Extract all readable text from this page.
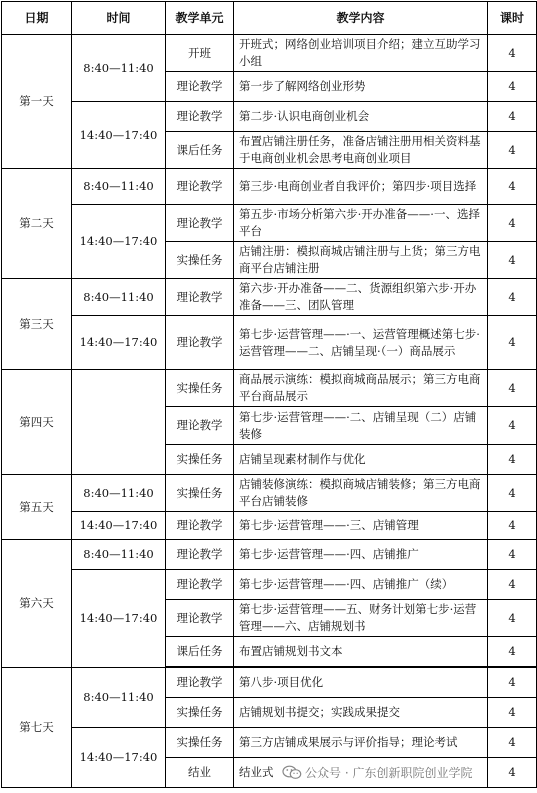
日期	时间	教学单元	教学内容	课时
第一天	8:40—11:40	开班	开班式；网络创业培训项目介绍；建立互助学习小组	4
		理论教学	第一步了解网络创业形势	4
	14:40—17:40	理论教学	第二步·认识电商创业机会	4
		课后任务	布置店铺注册任务，准备店铺注册用相关资料基于电商创业机会思考电商创业项目	4
第二天	8:40—11:40	理论教学	第三步·电商创业者自我评价；第四步·项目选择	4
	14:40—17:40	理论教学	第五步·市场分析第六步·开办准备——·一、选择平台	4
		实操任务	店铺注册：模拟商城店铺注册与上货；第三方电商平台店铺注册	4
第三天	8:40—11:40	理论教学	第六步·开办准备——二、货源组织第六步·开办准备——三、团队管理	4
	14:40—17:40	理论教学	第七步·运营管理——·一、运营管理概述第七步·运营管理——二、店铺呈现·（一）商品展示	4
第四天		实操任务	商品展示演练：模拟商城商品展示；第三方电商平台商品展示	4
		理论教学	第七步·运营管理——·二、店铺呈现（二）店铺装修	4
		实操任务	店铺呈现素材制作与优化	4
第五天	8:40—11:40	实操任务	店铺装修演练：模拟商城店铺装修；第三方电商平台店铺装修	4
	14:40—17:40	理论教学	第七步·运营管理——·三、店铺管理	4
第六天	8:40—11:40	理论教学	第七步·运营管理——·四、店铺推广	4
	14:40—17:40	理论教学	第七步·运营管理——·四、店铺推广（续）	4
		理论教学	第七步·运营管理——五、财务计划第七步·运营管理——六、店铺规划书	4
		课后任务	布置店铺规划书文本	4

第七天	8:40—11:40	理论教学	第八步·项目优化	4
		实操任务	店铺规划书提交；实践成果提交	4
	14:40—17:40	实操任务	第三方店铺成果展示与评价指导；理论考试	4
		结业	结业式	4
公众号 · 广东创新职院创业学院
